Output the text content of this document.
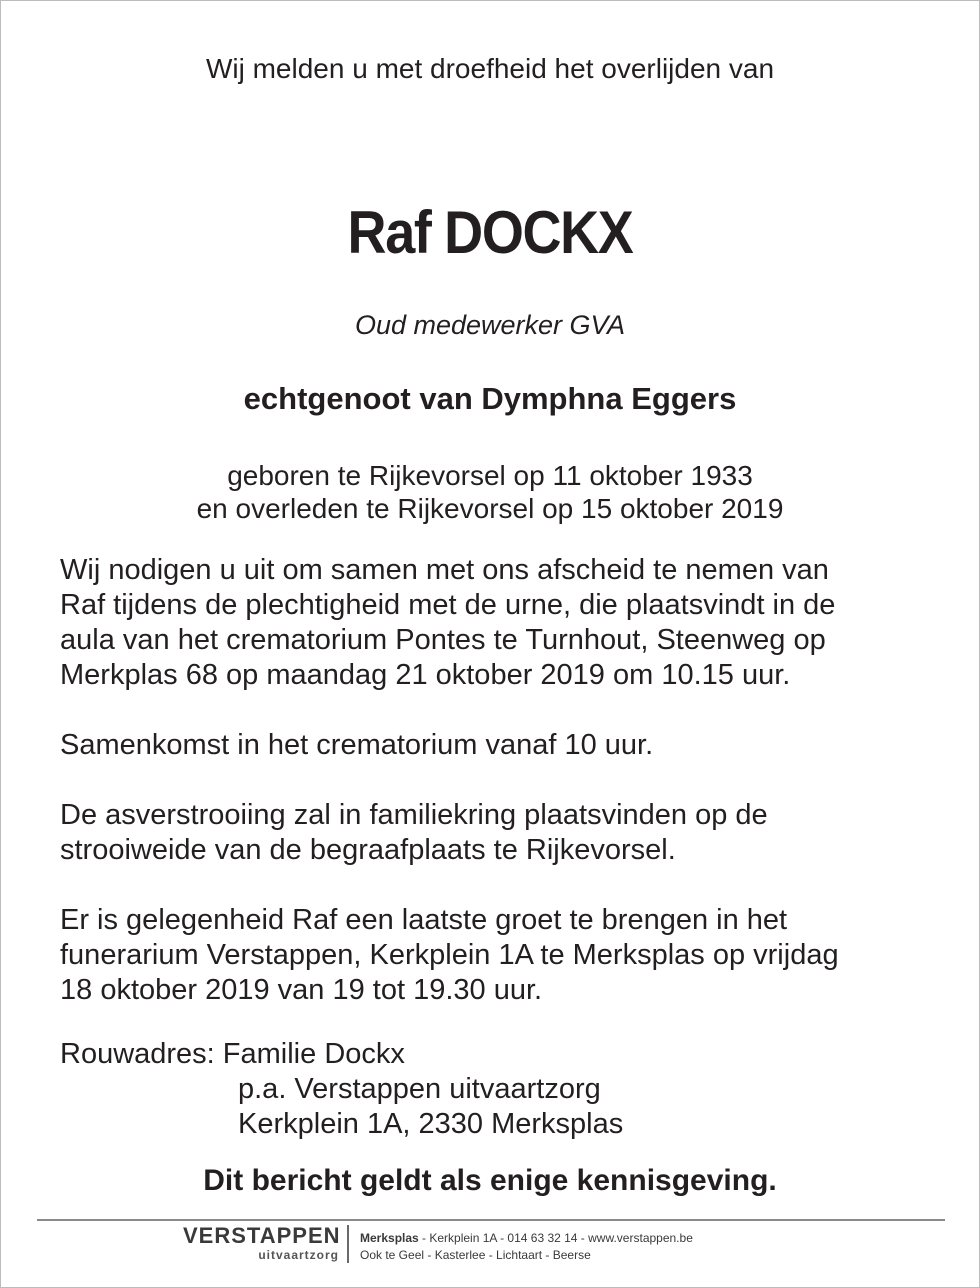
Wij melden u met droefheid het overlijden van
Raf DOCKX
Oud medewerker GVA
echtgenoot van Dymphna Eggers
geboren te Rijkevorsel op 11 oktober 1933
en overleden te Rijkevorsel op 15 oktober 2019

Wij nodigen u uit om samen met ons afscheid te nemen van
Raf tijdens de plechtigheid met de urne, die plaatsvindt in de
aula van het crematorium Pontes te Turnhout, Steenweg op
Merkplas 68 op maandag 21 oktober 2019 om 10.15 uur.

Samenkomst in het crematorium vanaf 10 uur.

De asverstrooiing zal in familiekring plaatsvinden op de
strooiweide van de begraafplaats te Rijkevorsel.

Er is gelegenheid Raf een laatste groet te brengen in het
funerarium Verstappen, Kerkplein 1A te Merksplas op vrijdag
18 oktober 2019 van 19 tot 19.30 uur.

Rouwadres: Familie Dockx
p.a. Verstappen uitvaartzorg
Kerkplein 1A, 2330 Merksplas
Dit bericht geldt als enige kennisgeving.
VERSTAPPEN
uitvaartzorg
Merksplas - Kerkplein 1A - 014 63 32 14 - www.verstappen.be
Ook te Geel - Kasterlee - Lichtaart - Beerse
